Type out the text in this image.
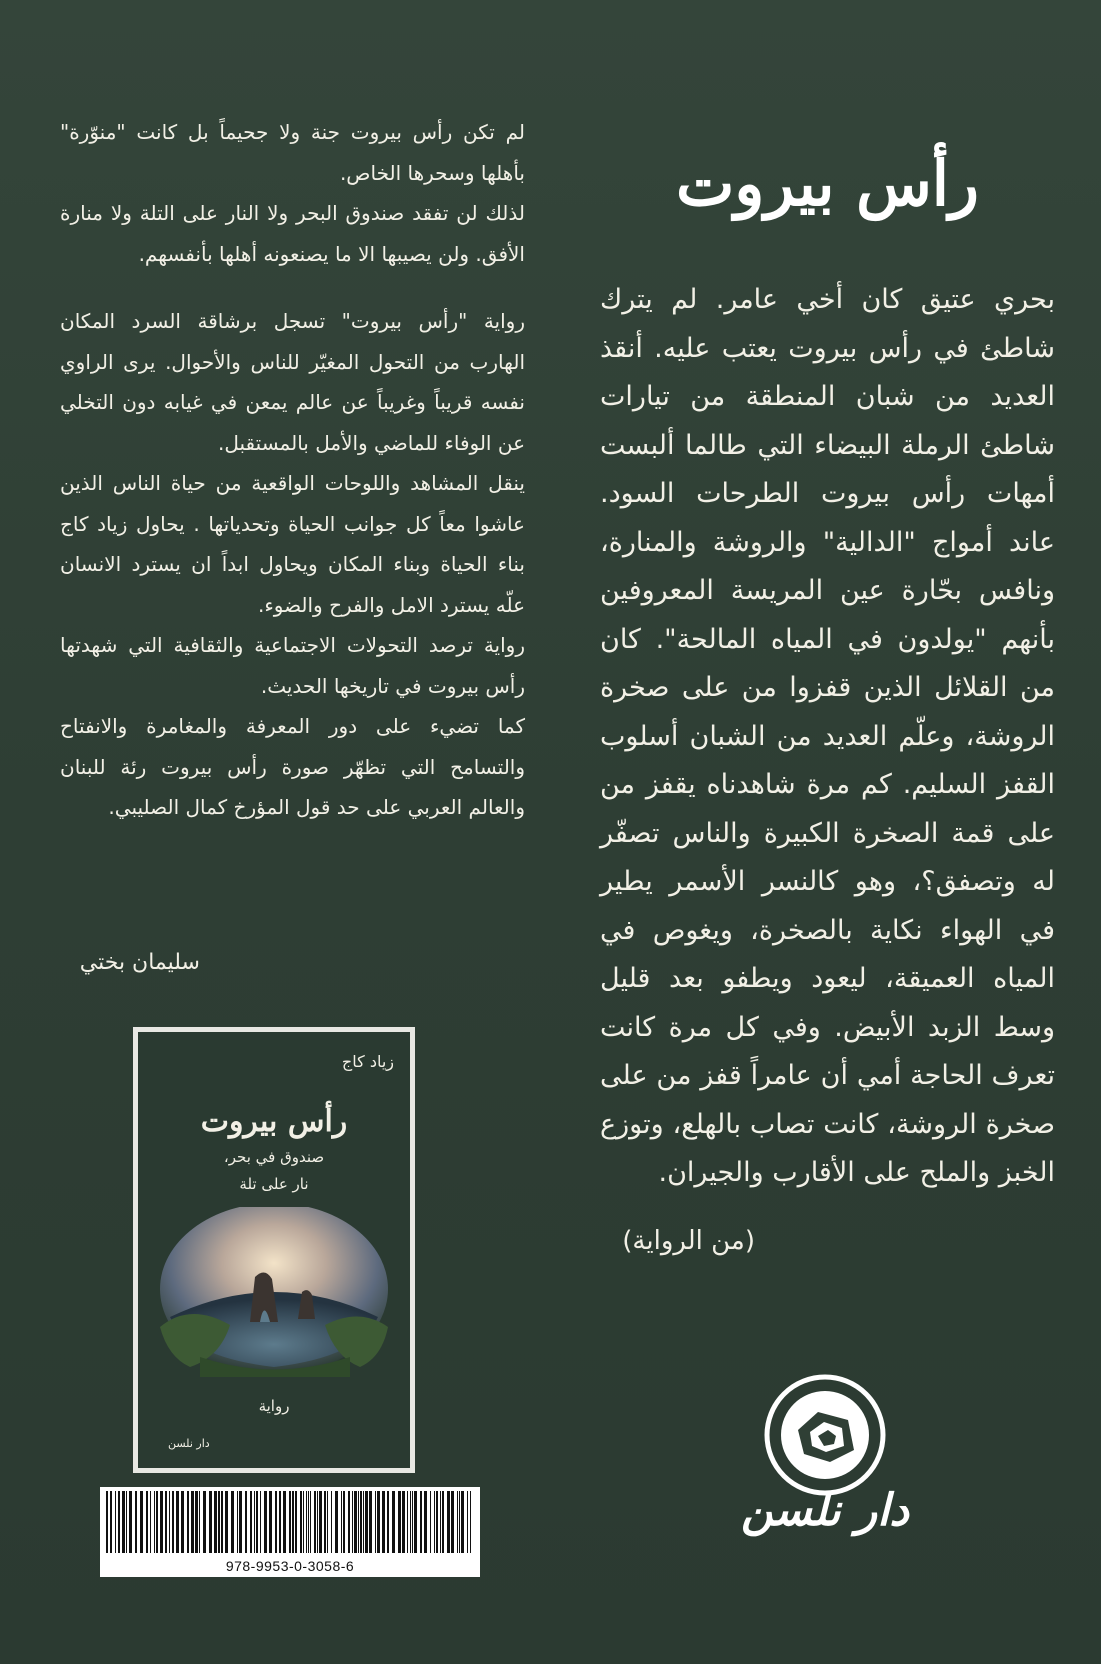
رأس بيروت

بحري عتيق كان أخي عامر. لم يترك شاطئ في رأس بيروت يعتب عليه. أنقذ العديد من شبان المنطقة من تيارات شاطئ الرملة البيضاء التي طالما ألبست أمهات رأس بيروت الطرحات السود. عاند أمواج "الدالية" والروشة والمنارة، ونافس بحّارة عين المريسة المعروفين بأنهم "يولدون في المياه المالحة". كان من القلائل الذين قفزوا من على صخرة الروشة، وعلّم العديد من الشبان أسلوب القفز السليم. كم مرة شاهدناه يقفز من على قمة الصخرة الكبيرة والناس تصفّر له وتصفق؟، وهو كالنسر الأسمر يطير في الهواء نكاية بالصخرة، ويغوص في المياه العميقة، ليعود ويطفو بعد قليل وسط الزبد الأبيض. وفي كل مرة كانت تعرف الحاجة أمي أن عامراً قفز من على صخرة الروشة، كانت تصاب بالهلع، وتوزع الخبز والملح على الأقارب والجيران.

(من الرواية)

لم تكن رأس بيروت جنة ولا جحيماً بل كانت "منوّرة" بأهلها وسحرها الخاص.

لذلك لن تفقد صندوق البحر ولا النار على التلة ولا منارة الأفق. ولن يصيبها الا ما يصنعونه أهلها بأنفسهم.

رواية "رأس بيروت" تسجل برشاقة السرد المكان الهارب من التحول المغيّر للناس والأحوال. يرى الراوي نفسه قريباً وغريباً عن عالم يمعن في غيابه دون التخلي عن الوفاء للماضي والأمل بالمستقبل.

ينقل المشاهد واللوحات الواقعية من حياة الناس الذين عاشوا معاً كل جوانب الحياة وتحدياتها . يحاول زياد كاج بناء الحياة وبناء المكان ويحاول ابداً ان يسترد الانسان علّه يسترد الامل والفرح والضوء.

رواية ترصد التحولات الاجتماعية والثقافية التي شهدتها رأس بيروت في تاريخها الحديث.

كما تضيء على دور المعرفة والمغامرة والانفتاح والتسامح التي تظهّر صورة رأس بيروت رئة للبنان والعالم العربي على حد قول المؤرخ كمال الصليبي.

سليمان بختي
زياد كاج
رأس بيروت
صندوق في بحر،
نار على تلة
رواية
دار نلسن
978-9953-0-3058-6
دار نلسن
